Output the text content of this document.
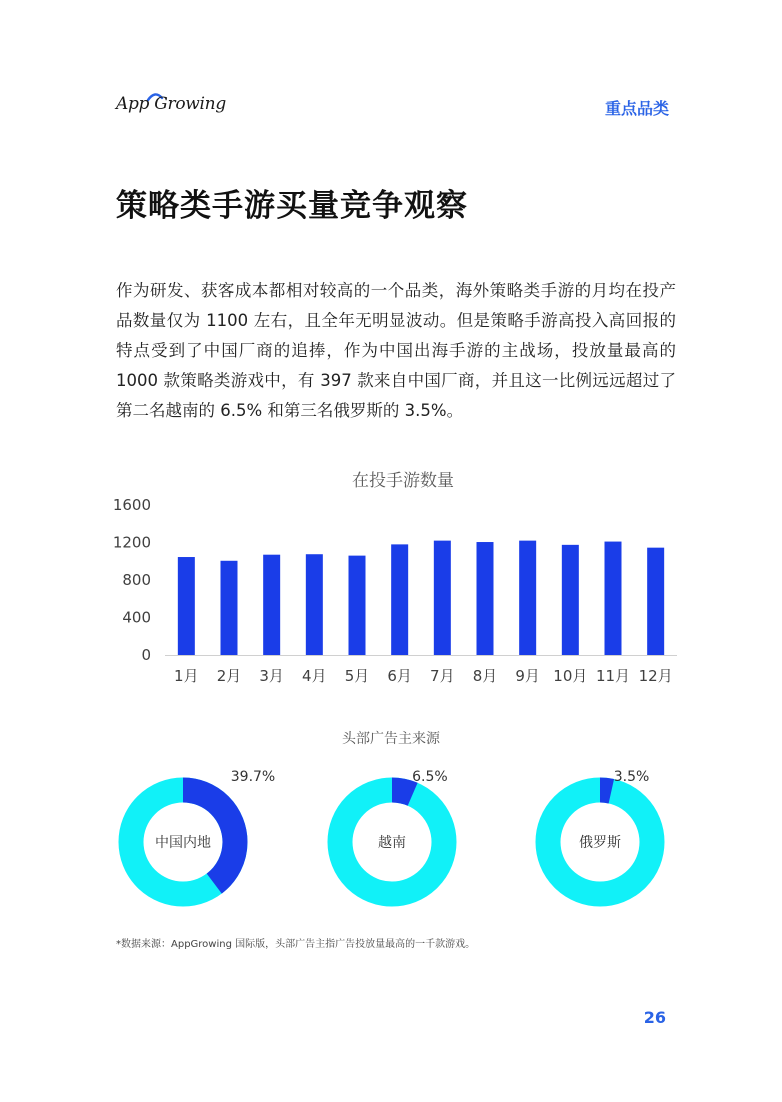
App Growing	重点品类
策略类手游买量竞争观察

作为研发、获客成本都相对较高的一个品类，海外策略类手游的月均在投产品数量仅为 1100 左右，且全年无明显波动。但是策略手游高投入高回报的特点受到了中国厂商的追捧，作为中国出海手游的主战场，投放量最高的 1000 款策略类游戏中，有 397 款来自中国厂商，并且这一比例远远超过了第二名越南的 6.5% 和第三名俄罗斯的 3.5%。

在投手游数量
0
400
800
1200
1600
1月 2月 3月 4月 5月 6月 7月 8月 9月 10月 11月 12月
头部广告主来源
中国内地
39.7%
越南
6.5%
俄罗斯
3.5%
*数据来源：AppGrowing 国际版，头部广告主指广告投放量最高的一千款游戏。
26
